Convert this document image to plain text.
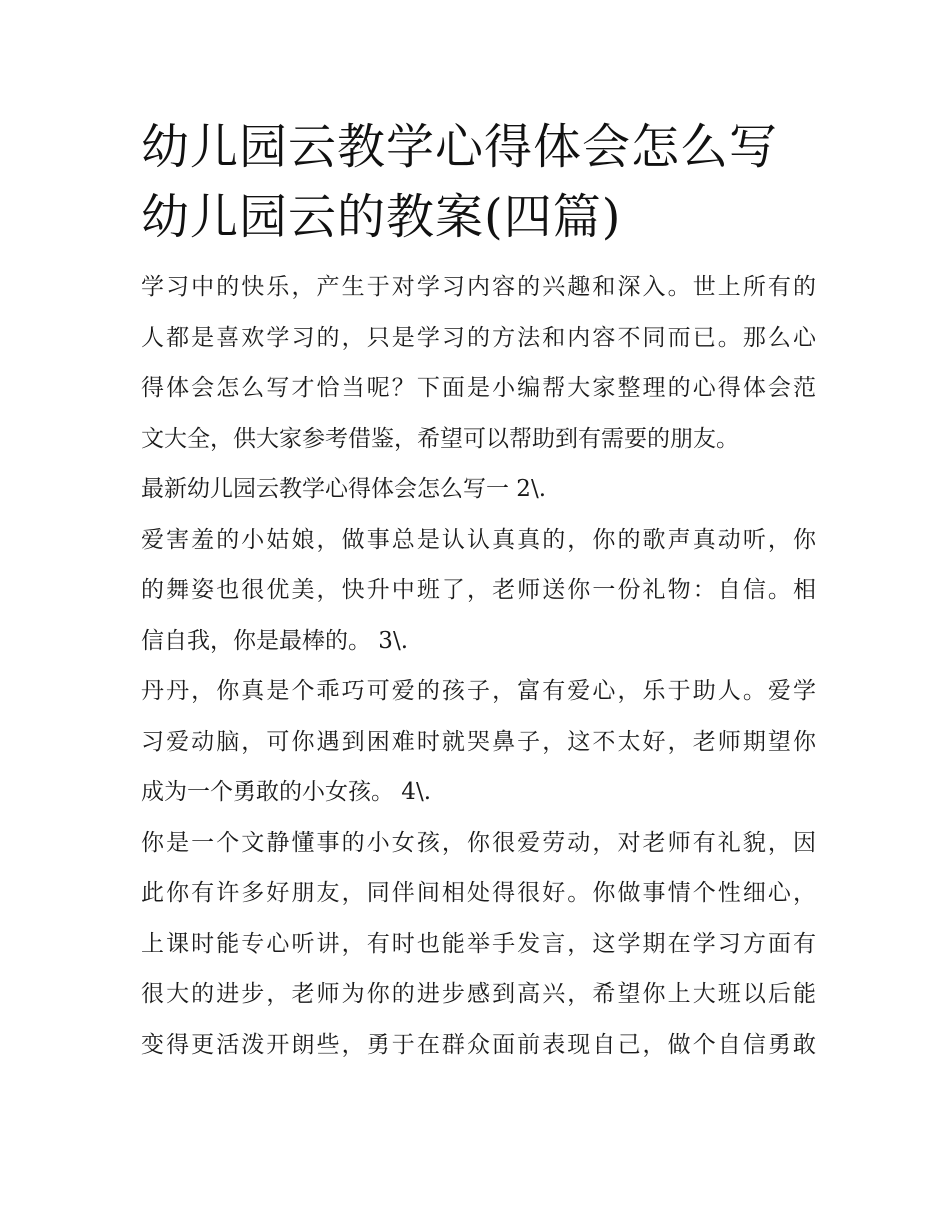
幼儿园云教学心得体会怎么写
幼儿园云的教案(四篇)
学习中的快乐，产生于对学习内容的兴趣和深入。世上所有的
人都是喜欢学习的，只是学习的方法和内容不同而已。那么心
得体会怎么写才恰当呢？下面是小编帮大家整理的心得体会范
文大全，供大家参考借鉴，希望可以帮助到有需要的朋友。
最新幼儿园云教学心得体会怎么写一 2\.
爱害羞的小姑娘，做事总是认认真真的，你的歌声真动听，你
的舞姿也很优美，快升中班了，老师送你一份礼物：自信。相
信自我，你是最棒的。 3\.
丹丹，你真是个乖巧可爱的孩子，富有爱心，乐于助人。爱学
习爱动脑，可你遇到困难时就哭鼻子，这不太好，老师期望你
成为一个勇敢的小女孩。 4\.
你是一个文静懂事的小女孩，你很爱劳动，对老师有礼貌，因
此你有许多好朋友，同伴间相处得很好。你做事情个性细心，
上课时能专心听讲，有时也能举手发言，这学期在学习方面有
很大的进步，老师为你的进步感到高兴，希望你上大班以后能
变得更活泼开朗些，勇于在群众面前表现自己，做个自信勇敢
